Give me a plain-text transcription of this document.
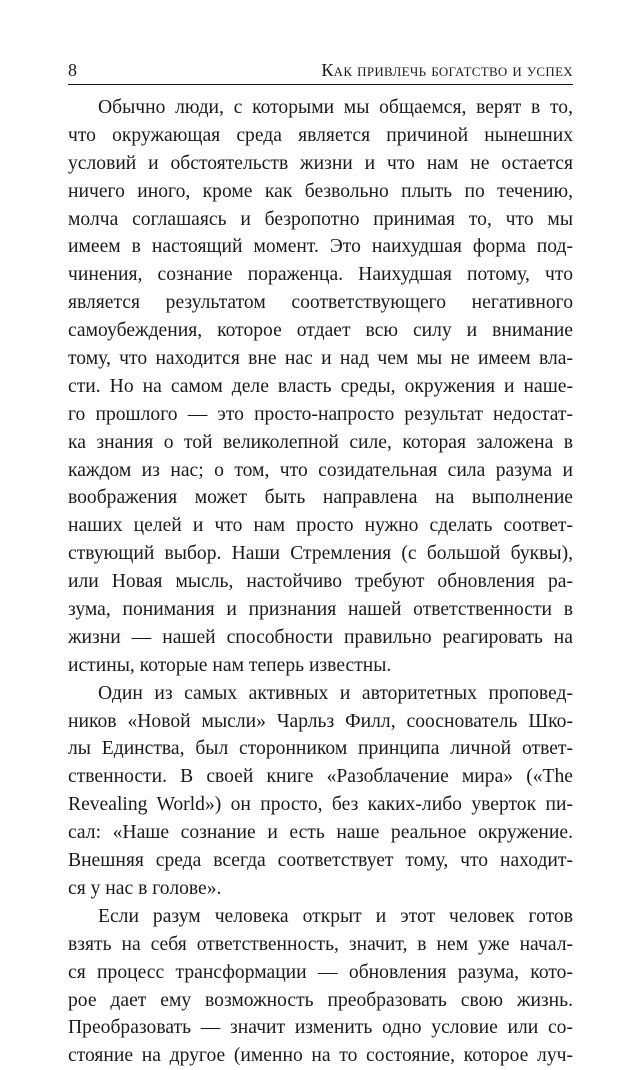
8	Как привлечь богатство и успех
Обычно люди, с которыми мы общаемся, верят в то,
что окружающая среда является причиной нынешних
условий и обстоятельств жизни и что нам не остается
ничего иного, кроме как безвольно плыть по течению,
молча соглашаясь и безропотно принимая то, что мы
имеем в настоящий момент. Это наихудшая форма под-
чинения, сознание пораженца. Наихудшая потому, что
является результатом соответствующего негативного
самоубеждения, которое отдает всю силу и внимание
тому, что находится вне нас и над чем мы не имеем вла-
сти. Но на самом деле власть среды, окружения и наше-
го прошлого — это просто-напросто результат недостат-
ка знания о той великолепной силе, которая заложена в
каждом из нас; о том, что созидательная сила разума и
воображения может быть направлена на выполнение
наших целей и что нам просто нужно сделать соответ-
ствующий выбор. Наши Стремления (с большой буквы),
или Новая мысль, настойчиво требуют обновления ра-
зума, понимания и признания нашей ответственности в
жизни — нашей способности правильно реагировать на
истины, которые нам теперь известны.
Один из самых активных и авторитетных проповед-
ников «Новой мысли» Чарльз Филл, сооснователь Шко-
лы Единства, был сторонником принципа личной ответ-
ственности. В своей книге «Разоблачение мира» («The
Revealing World») он просто, без каких-либо уверток пи-
сал: «Наше сознание и есть наше реальное окружение.
Внешняя среда всегда соответствует тому, что находит-
ся у нас в голове».
Если разум человека открыт и этот человек готов
взять на себя ответственность, значит, в нем уже начал-
ся процесс трансформации — обновления разума, кото-
рое дает ему возможность преобразовать свою жизнь.
Преобразовать — значит изменить одно условие или со-
стояние на другое (именно на то состояние, которое луч-
